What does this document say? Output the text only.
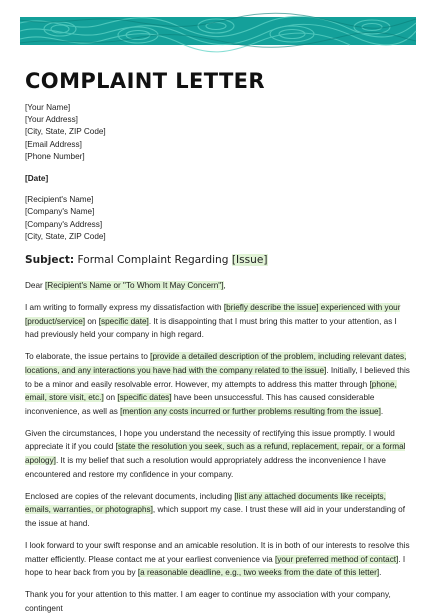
COMPLAINT LETTER
[Your Name]
[Your Address]
[City, State, ZIP Code]
[Email Address]
[Phone Number]
[Date]
[Recipient's Name]
[Company's Name]
[Company's Address]
[City, State, ZIP Code]
Subject: Formal Complaint Regarding [Issue]

Dear [Recipient's Name or "To Whom It May Concern"],

I am writing to formally express my dissatisfaction with [briefly describe the issue] experienced with your [product/service] on [specific date]. It is disappointing that I must bring this matter to your attention, as I had previously held your company in high regard.

To elaborate, the issue pertains to [provide a detailed description of the problem, including relevant dates, locations, and any interactions you have had with the company related to the issue]. Initially, I believed this to be a minor and easily resolvable error. However, my attempts to address this matter through [phone, email, store visit, etc.] on [specific dates] have been unsuccessful. This has caused considerable inconvenience, as well as [mention any costs incurred or further problems resulting from the issue].

Given the circumstances, I hope you understand the necessity of rectifying this issue promptly. I would appreciate it if you could [state the resolution you seek, such as a refund, replacement, repair, or a formal apology]. It is my belief that such a resolution would appropriately address the inconvenience I have encountered and restore my confidence in your company.

Enclosed are copies of the relevant documents, including [list any attached documents like receipts, emails, warranties, or photographs], which support my case. I trust these will aid in your understanding of the issue at hand.

I look forward to your swift response and an amicable resolution. It is in both of our interests to resolve this matter efficiently. Please contact me at your earliest convenience via [your preferred method of contact]. I hope to hear back from you by [a reasonable deadline, e.g., two weeks from the date of this letter].

Thank you for your attention to this matter. I am eager to continue my association with your company, contingent
